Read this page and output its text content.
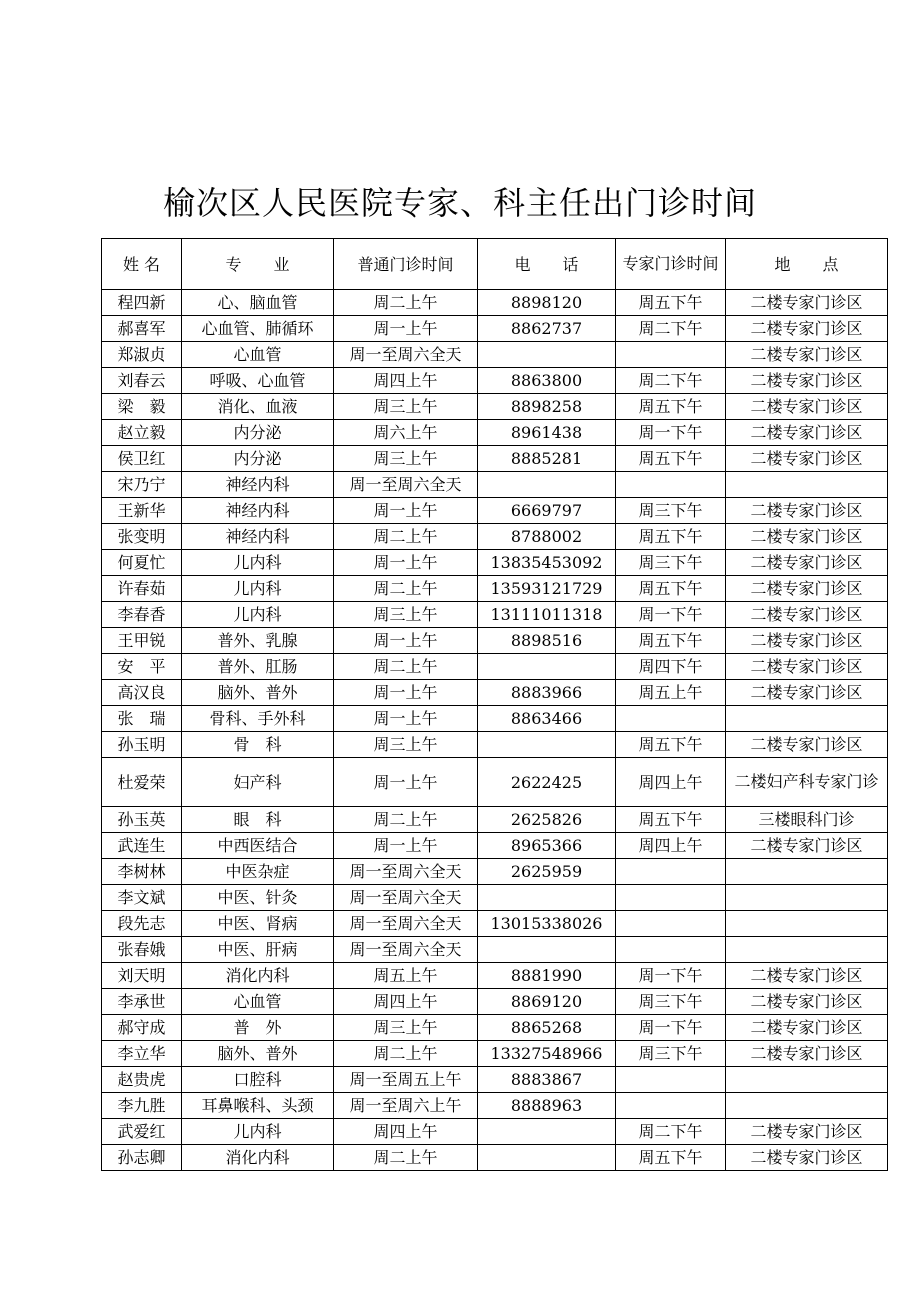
榆次区人民医院专家、科主任出门诊时间
姓 名	专　　业	普通门诊时间	电　　话	专家门诊时间	地　　点
程四新	心、脑血管	周二上午	8898120	周五下午	二楼专家门诊区
郝喜军	心血管、肺循环	周一上午	8862737	周二下午	二楼专家门诊区
郑淑贞	心血管	周一至周六全天			二楼专家门诊区
刘春云	呼吸、心血管	周四上午	8863800	周二下午	二楼专家门诊区
梁　毅	消化、血液	周三上午	8898258	周五下午	二楼专家门诊区
赵立毅	内分泌	周六上午	8961438	周一下午	二楼专家门诊区
侯卫红	内分泌	周三上午	8885281	周五下午	二楼专家门诊区
宋乃宁	神经内科	周一至周六全天			
王新华	神经内科	周一上午	6669797	周三下午	二楼专家门诊区
张变明	神经内科	周二上午	8788002	周五下午	二楼专家门诊区
何夏忙	儿内科	周一上午	13835453092	周三下午	二楼专家门诊区
许春茹	儿内科	周二上午	13593121729	周五下午	二楼专家门诊区
李春香	儿内科	周三上午	13111011318	周一下午	二楼专家门诊区
王甲锐	普外、乳腺	周一上午	8898516	周五下午	二楼专家门诊区
安　平	普外、肛肠	周二上午		周四下午	二楼专家门诊区
高汉良	脑外、普外	周一上午	8883966	周五上午	二楼专家门诊区
张　瑞	骨科、手外科	周一上午	8863466		
孙玉明	骨　科	周三上午		周五下午	二楼专家门诊区
杜爱荣	妇产科	周一上午	2622425	周四上午	二楼妇产科专家门诊
孙玉英	眼　科	周二上午	2625826	周五下午	三楼眼科门诊
武连生	中西医结合	周一上午	8965366	周四上午	二楼专家门诊区
李树林	中医杂症	周一至周六全天	2625959		
李文斌	中医、针灸	周一至周六全天			
段先志	中医、肾病	周一至周六全天	13015338026		
张春娥	中医、肝病	周一至周六全天			
刘天明	消化内科	周五上午	8881990	周一下午	二楼专家门诊区
李承世	心血管	周四上午	8869120	周三下午	二楼专家门诊区
郝守成	普　外	周三上午	8865268	周一下午	二楼专家门诊区
李立华	脑外、普外	周二上午	13327548966	周三下午	二楼专家门诊区
赵贵虎	口腔科	周一至周五上午	8883867		
李九胜	耳鼻喉科、头颈	周一至周六上午	8888963		
武爱红	儿内科	周四上午		周二下午	二楼专家门诊区
孙志卿	消化内科	周二上午		周五下午	二楼专家门诊区
